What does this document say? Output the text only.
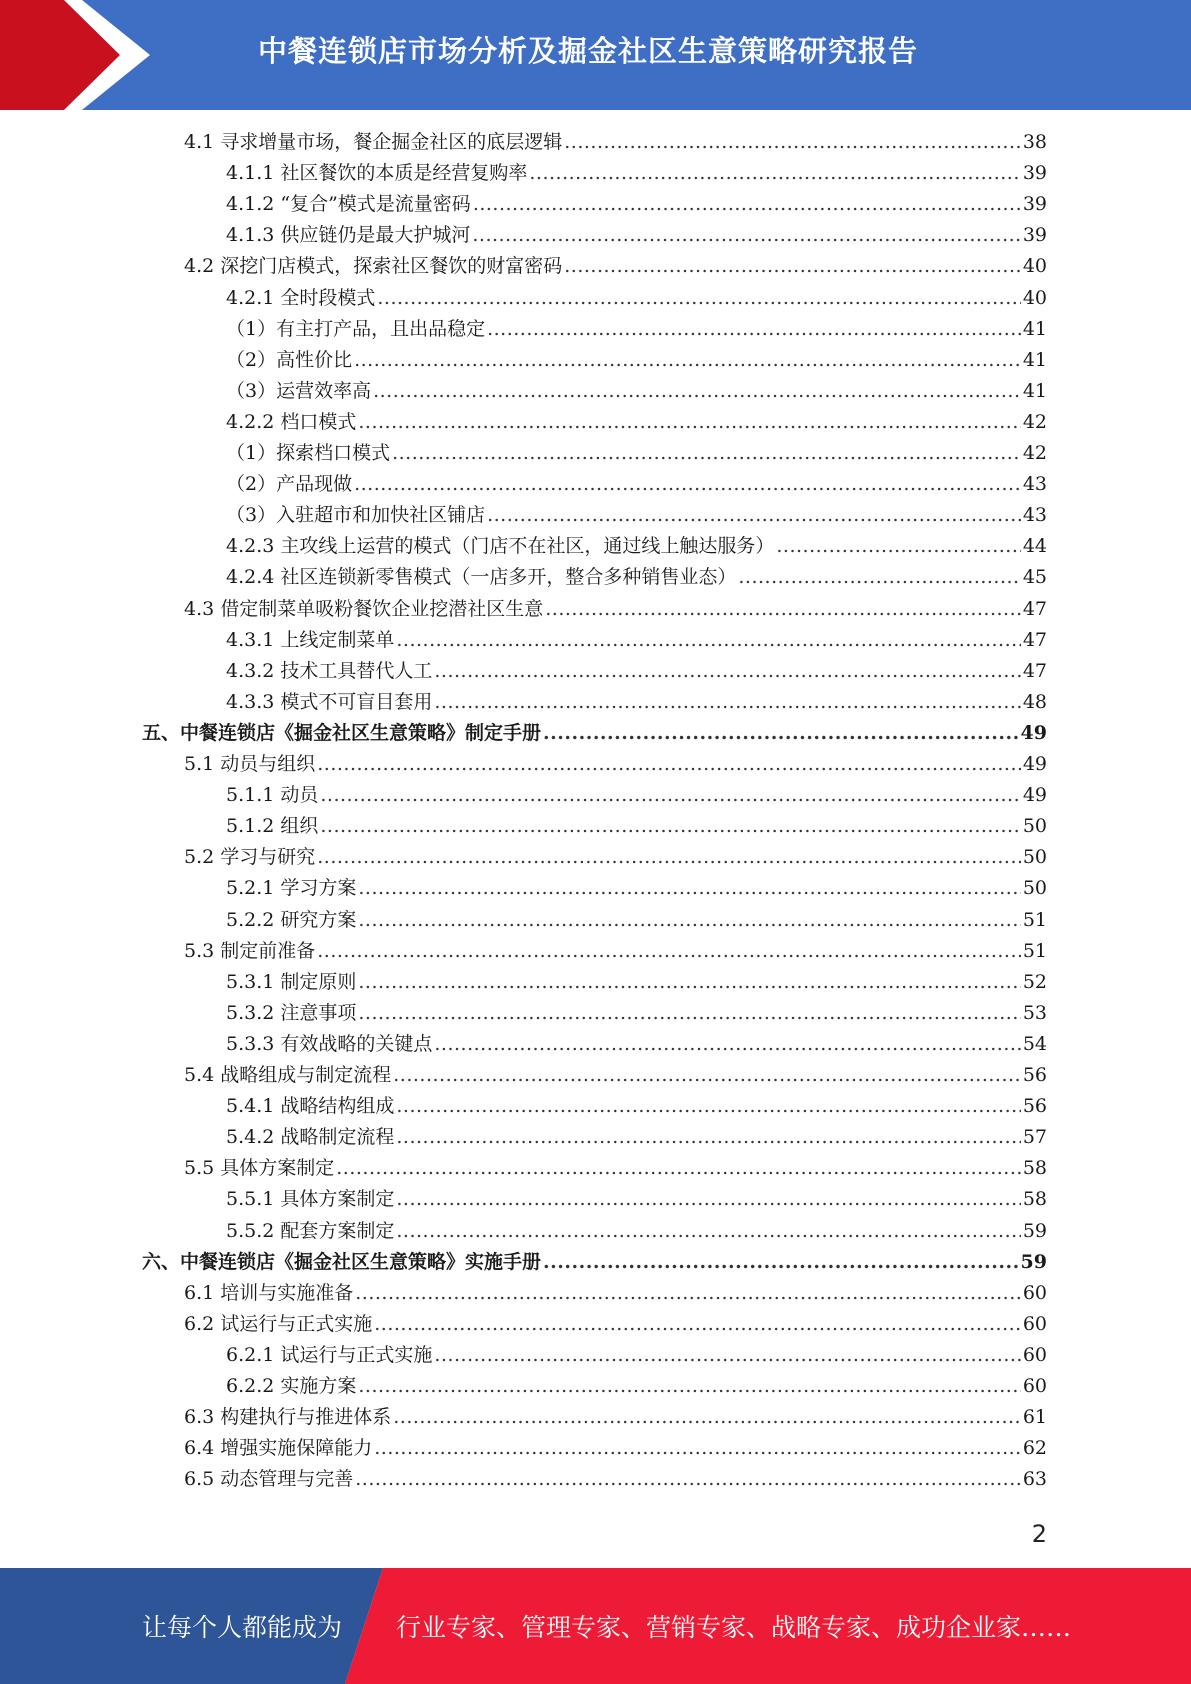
中餐连锁店市场分析及掘金社区生意策略研究报告
4.1 寻求增量市场，餐企掘金社区的底层逻辑 .....	38
4.1.1 社区餐饮的本质是经营复购率 .....	39
4.1.2 “复合”模式是流量密码 .....	39
4.1.3 供应链仍是最大护城河 .....	39
4.2 深挖门店模式，探索社区餐饮的财富密码 .....	40
4.2.1 全时段模式 .....	40
（1）有主打产品，且出品稳定 .....	41
（2）高性价比 .....	41
（3）运营效率高 .....	41
4.2.2 档口模式 .....	42
（1）探索档口模式 .....	42
（2）产品现做 .....	43
（3）入驻超市和加快社区铺店 .....	43
4.2.3 主攻线上运营的模式（门店不在社区，通过线上触达服务） .....	44
4.2.4 社区连锁新零售模式（一店多开，整合多种销售业态） .....	45
4.3 借定制菜单吸粉餐饮企业挖潜社区生意 .....	47
4.3.1 上线定制菜单 .....	47
4.3.2 技术工具替代人工 .....	47
4.3.3 模式不可盲目套用 .....	48
五、中餐连锁店《掘金社区生意策略》制定手册 .....	49
5.1 动员与组织 .....	49
5.1.1 动员 .....	49
5.1.2 组织 .....	50
5.2 学习与研究 .....	50
5.2.1 学习方案 .....	50
5.2.2 研究方案 .....	51
5.3 制定前准备 .....	51
5.3.1 制定原则 .....	52
5.3.2 注意事项 .....	53
5.3.3 有效战略的关键点 .....	54
5.4 战略组成与制定流程 .....	56
5.4.1 战略结构组成 .....	56
5.4.2 战略制定流程 .....	57
5.5 具体方案制定 .....	58
5.5.1 具体方案制定 .....	58
5.5.2 配套方案制定 .....	59
六、中餐连锁店《掘金社区生意策略》实施手册 .....	59
6.1 培训与实施准备 .....	60
6.2 试运行与正式实施 .....	60
6.2.1 试运行与正式实施 .....	60
6.2.2 实施方案 .....	60
6.3 构建执行与推进体系 .....	61
6.4 增强实施保障能力 .....	62
6.5 动态管理与完善 .....	63
2
让每个人都能成为 行业专家、管理专家、营销专家、战略专家、成功企业家……
